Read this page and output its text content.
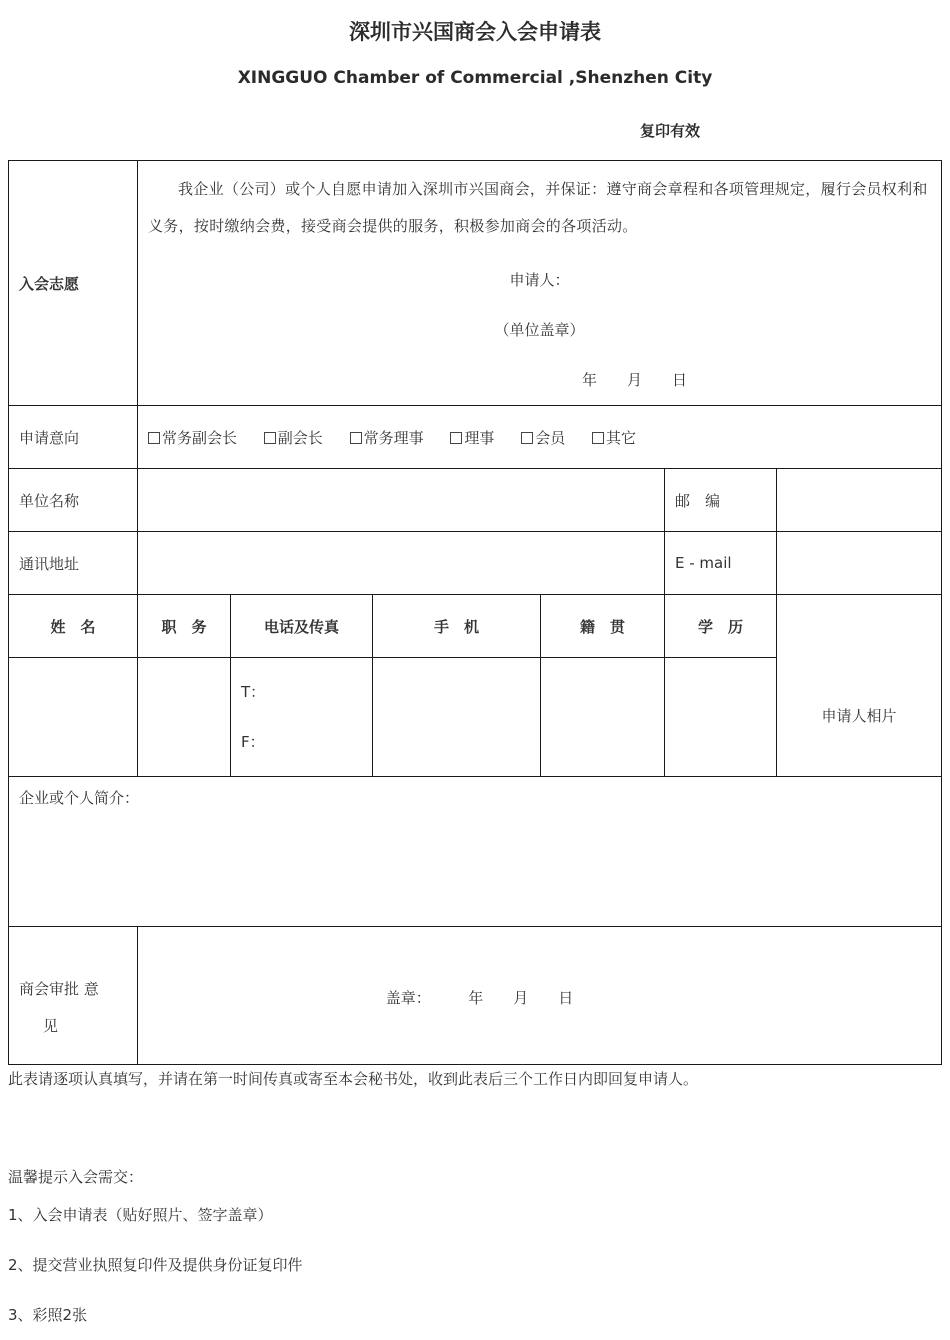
深圳市兴国商会入会申请表
XINGGUO Chamber of Commercial ,Shenzhen City
复印有效
入会志愿	我企业（公司）或个人自愿申请加入深圳市兴国商会，并保证：遵守商会章程和各项管理规定，履行会员权利和义务，按时缴纳会费，接受商会提供的服务，积极参加商会的各项活动。
申请人：
（单位盖章）
年　　月　　日					

申请意向	常务副会长 副会长 常务理事 理事 会员 其它					
单位名称					邮　编	
通讯地址					E - mail	
姓　名	职　务	电话及传真	手　机	籍　贯	学　历	申请人相片

		T：
F：				

企业或个人简介：						

商会审批 意
见	盖章：　　　年　　月　　日					
此表请逐项认真填写，并请在第一时间传真或寄至本会秘书处，收到此表后三个工作日内即回复申请人。
温馨提示入会需交：
1、入会申请表（贴好照片、签字盖章）
2、提交营业执照复印件及提供身份证复印件
3、彩照2张
